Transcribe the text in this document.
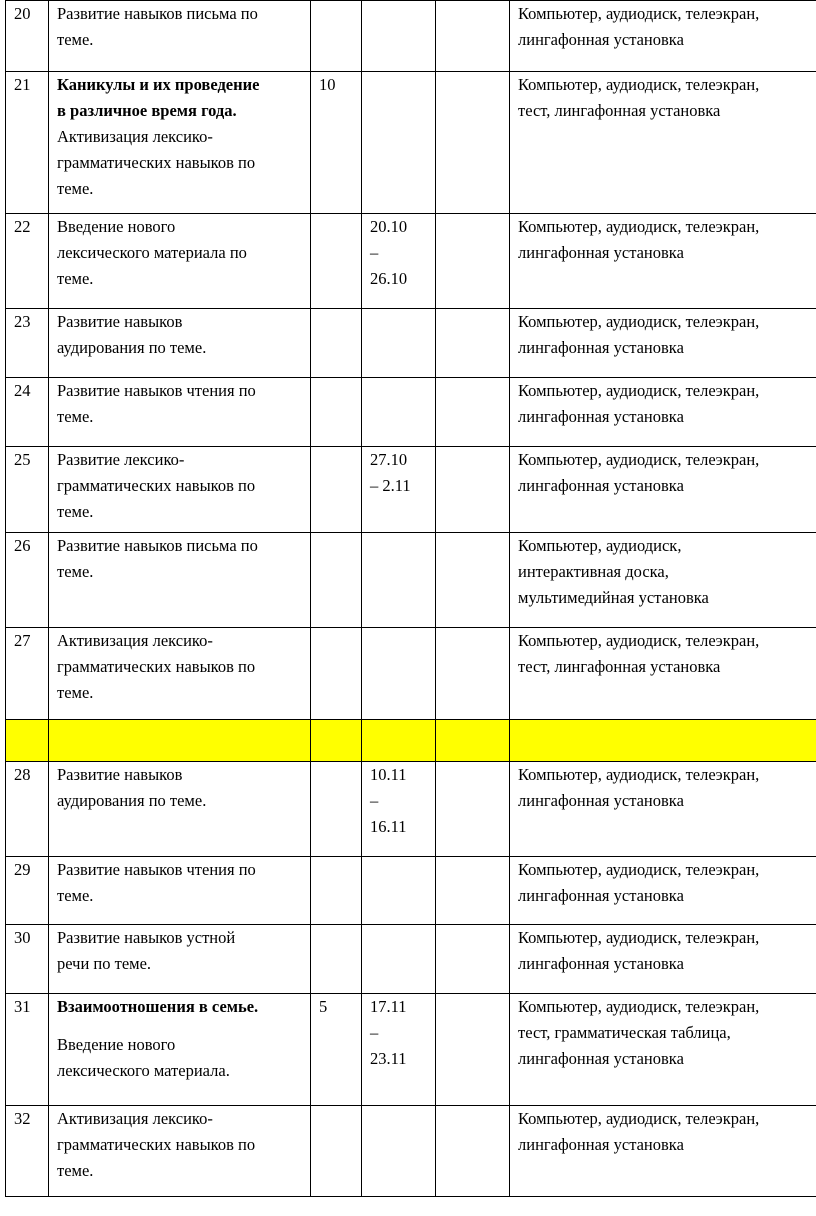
20	Развитие навыков письма по
теме.				Компьютер, аудиодиск, телеэкран,
лингафонная установка

21	Каникулы и их проведение
в различное время года.
Активизация лексико-
грамматических навыков по
теме.	10			Компьютер, аудиодиск, телеэкран,
тест, лингафонная установка

22	Введение нового
лексического материала по
теме.		20.10
–
26.10		Компьютер, аудиодиск, телеэкран,
лингафонная установка

23	Развитие навыков
аудирования по теме.				Компьютер, аудиодиск, телеэкран,
лингафонная установка

24	Развитие навыков чтения по
теме.				Компьютер, аудиодиск, телеэкран,
лингафонная установка

25	Развитие лексико-
грамматических навыков по
теме.		27.10
– 2.11		Компьютер, аудиодиск, телеэкран,
лингафонная установка

26	Развитие навыков письма по
теме.				Компьютер, аудиодиск,
интерактивная доска,
мультимедийная установка

27	Активизация лексико-
грамматических навыков по
теме.				Компьютер, аудиодиск, телеэкран,
тест, лингафонная установка

28	Развитие навыков
аудирования по теме.		10.11
–
16.11		Компьютер, аудиодиск, телеэкран,
лингафонная установка

29	Развитие навыков чтения по
теме.				Компьютер, аудиодиск, телеэкран,
лингафонная установка

30	Развитие навыков устной
речи по теме.				Компьютер, аудиодиск, телеэкран,
лингафонная установка

31	Взаимоотношения в семье.
Введение нового
лексического материала.	5	17.11
–
23.11		Компьютер, аудиодиск, телеэкран,
тест, грамматическая таблица,
лингафонная установка

32	Активизация лексико-
грамматических навыков по
теме.				Компьютер, аудиодиск, телеэкран,
лингафонная установка
